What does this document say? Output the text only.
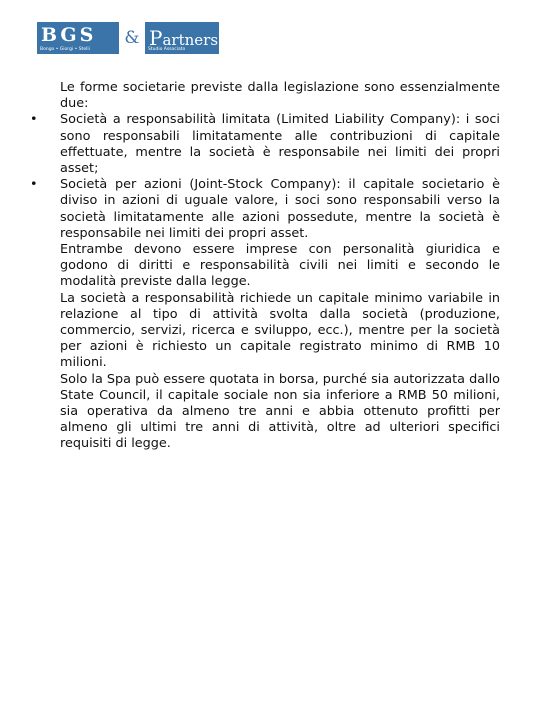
BGS
Bongo • Giorgi • Stelli
& Partners
Studio Associato

Le forme societarie previste dalla legislazione sono essenzialmente due:

• Società a responsabilità limitata (Limited Liability Company): i soci sono responsabili limitatamente alle contribuzioni di capitale effettuate, mentre la società è responsabile nei limiti dei propri asset;

• Società per azioni (Joint-Stock Company): il capitale societario è diviso in azioni di uguale valore, i soci sono responsabili verso la società limitatamente alle azioni possedute, mentre la società è responsabile nei limiti dei propri asset.

Entrambe devono essere imprese con personalità giuridica e godono di diritti e responsabilità civili nei limiti e secondo le modalità previste dalla legge.

La società a responsabilità richiede un capitale minimo variabile in relazione al tipo di attività svolta dalla società (produzione, commercio, servizi, ricerca e sviluppo, ecc.), mentre per la società per azioni è richiesto un capitale registrato minimo di RMB 10 milioni.

Solo la Spa può essere quotata in borsa, purché sia autorizzata dallo State Council, il capitale sociale non sia inferiore a RMB 50 milioni, sia operativa da almeno tre anni e abbia ottenuto profitti per almeno gli ultimi tre anni di attività, oltre ad ulteriori specifici requisiti di legge.
